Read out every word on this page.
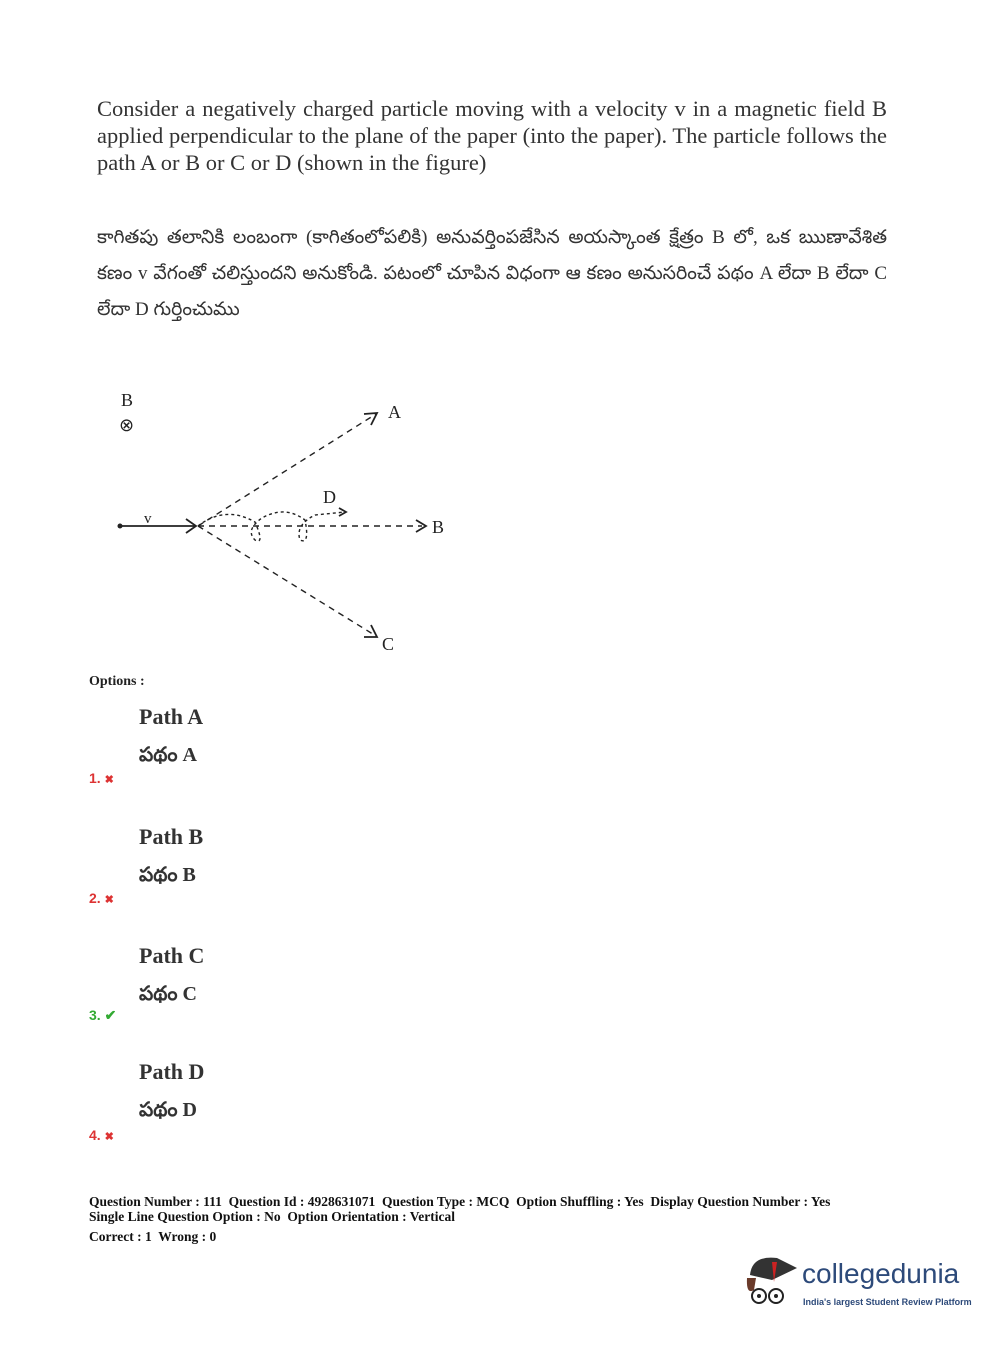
Consider a negatively charged particle moving with a velocity v in a magnetic field B applied perpendicular to the plane of the paper (into the paper). The particle follows the path A or B or C or D (shown in the figure)
కాగితపు తలానికి లంబంగా (కాగితంలోపలికి) అనువర్తింపజేసిన అయస్కాంత క్షేత్రం B లో, ఒక ఋణావేశిత కణం v వేగంతో చలిస్తుందని అనుకోండి. పటంలో చూపిన విధంగా ఆ కణం అనుసరించే పథం A లేదా B లేదా C లేదా D గుర్తించుము
B
⊗
v
A
B
C
D
Options :
Path A
పథం A
1. ✖
Path B
పథం B
2. ✖
Path C
పథం C
3. ✔
Path D
పథం D
4. ✖
Question Number : 111  Question Id : 4928631071  Question Type : MCQ  Option Shuffling : Yes  Display Question Number : Yes
Single Line Question Option : No  Option Orientation : Vertical
Correct : 1  Wrong : 0
collegedunia
India's largest Student Review Platform
